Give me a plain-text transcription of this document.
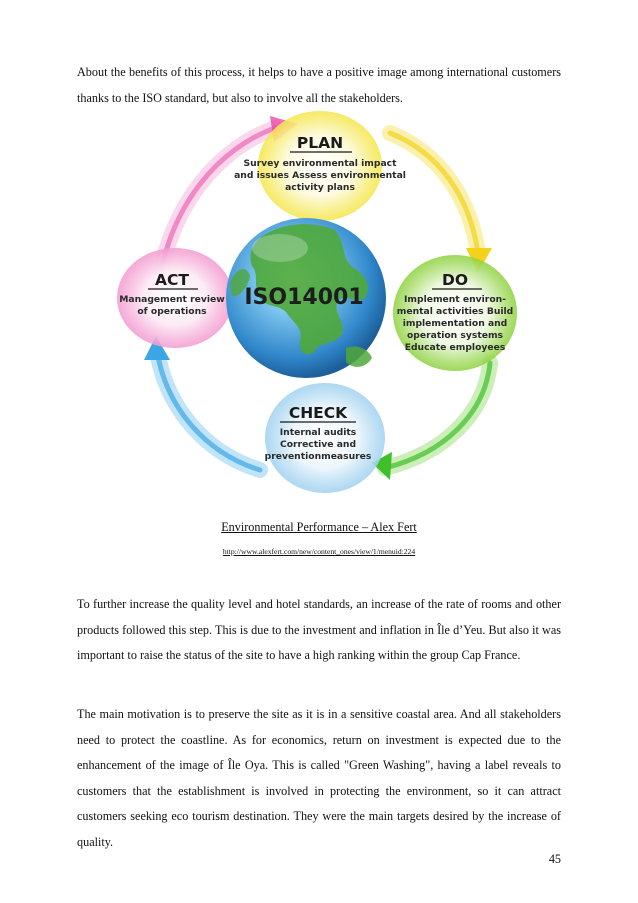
About the benefits of this process, it helps to have a positive image among international customers thanks to the ISO standard, but also to involve all the stakeholders.

ISO14001
PLAN
Survey environmental impact
and issues Assess environmental
activity plans
DO
Implement environ-
mental activities Build
implementation and
operation systems
Educate employees
CHECK
Internal audits
Corrective and
preventionmeasures
ACT
Management review
of operations
Environmental Performance – Alex Fert
http://www.alexfert.com/new/content_ones/view/1/menuid:224

To further increase the quality level and hotel standards, an increase of the rate of rooms and other products followed this step. This is due to the investment and inflation in Île d’Yeu. But also it was important to raise the status of the site to have a high ranking within the group Cap France.

The main motivation is to preserve the site as it is in a sensitive coastal area. And all stakeholders need to protect the coastline. As for economics, return on investment is expected due to the enhancement of the image of Île Oya. This is called "Green Washing", having a label reveals to customers that the establishment is involved in protecting the environment, so it can attract customers seeking eco tourism destination. They were the main targets desired by the increase of quality.

45
